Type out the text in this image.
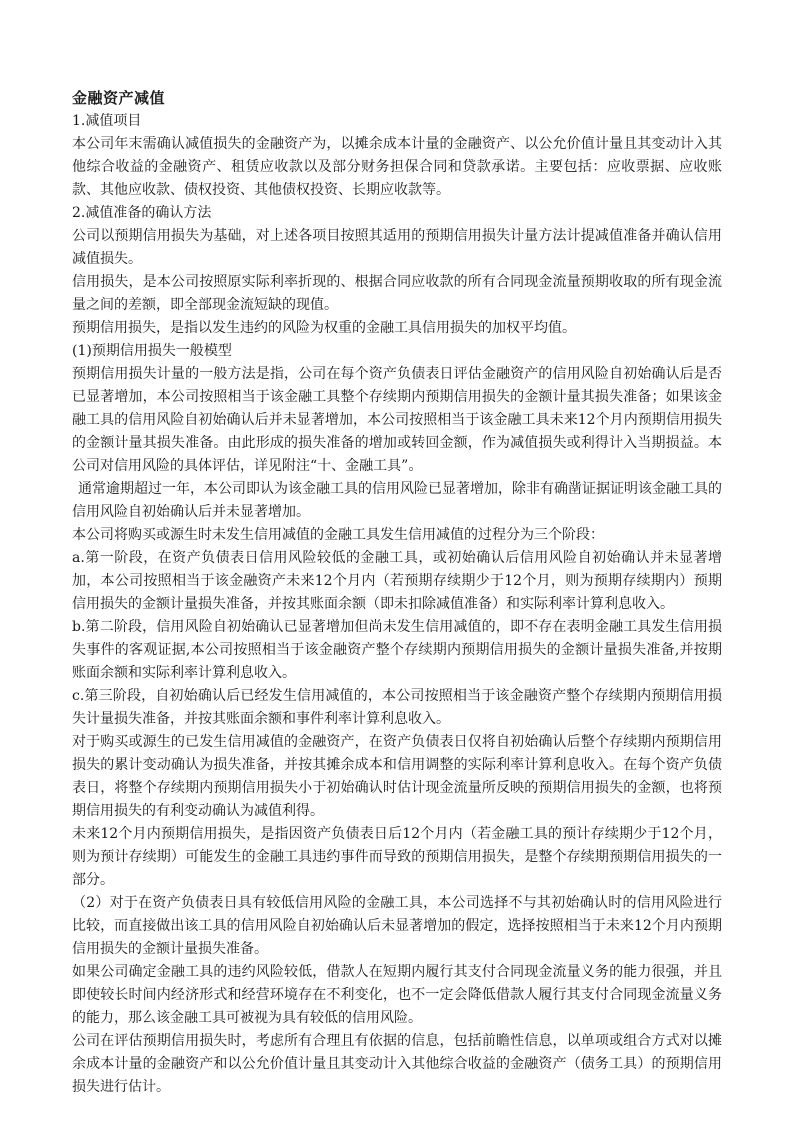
金融资产减值

1.减值项目

本公司年末需确认减值损失的金融资产为，以摊余成本计量的金融资产、以公允价值计量且其变动计入其他综合收益的金融资产、租赁应收款以及部分财务担保合同和贷款承诺。主要包括：应收票据、应收账款、其他应收款、债权投资、其他债权投资、长期应收款等。

2.减值准备的确认方法

公司以预期信用损失为基础，对上述各项目按照其适用的预期信用损失计量方法计提减值准备并确认信用减值损失。

信用损失，是本公司按照原实际利率折现的、根据合同应收款的所有合同现金流量预期收取的所有现金流量之间的差额，即全部现金流短缺的现值。

预期信用损失，是指以发生违约的风险为权重的金融工具信用损失的加权平均值。

(1)预期信用损失一般模型

预期信用损失计量的一般方法是指，公司在每个资产负债表日评估金融资产的信用风险自初始确认后是否已显著增加，本公司按照相当于该金融工具整个存续期内预期信用损失的金额计量其损失准备；如果该金融工具的信用风险自初始确认后并未显著增加，本公司按照相当于该金融工具未来12个月内预期信用损失的金额计量其损失准备。由此形成的损失准备的增加或转回金额，作为减值损失或利得计入当期损益。本公司对信用风险的具体评估，详见附注“十、金融工具”。

通常逾期超过一年，本公司即认为该金融工具的信用风险已显著增加，除非有确凿证据证明该金融工具的信用风险自初始确认后并未显著增加。

本公司将购买或源生时未发生信用减值的金融工具发生信用减值的过程分为三个阶段：

a.第一阶段，在资产负债表日信用风险较低的金融工具，或初始确认后信用风险自初始确认并未显著增加，本公司按照相当于该金融资产未来12个月内（若预期存续期少于12个月，则为预期存续期内）预期信用损失的金额计量损失准备，并按其账面余额（即未扣除减值准备）和实际利率计算利息收入。

b.第二阶段，信用风险自初始确认已显著增加但尚未发生信用减值的，即不存在表明金融工具发生信用损失事件的客观证据,本公司按照相当于该金融资产整个存续期内预期信用损失的金额计量损失准备,并按期账面余额和实际利率计算利息收入。

c.第三阶段，自初始确认后已经发生信用减值的，本公司按照相当于该金融资产整个存续期内预期信用损失计量损失准备，并按其账面余额和事件利率计算利息收入。

对于购买或源生的已发生信用减值的金融资产，在资产负债表日仅将自初始确认后整个存续期内预期信用损失的累计变动确认为损失准备，并按其摊余成本和信用调整的实际利率计算利息收入。在每个资产负债表日，将整个存续期内预期信用损失小于初始确认时估计现金流量所反映的预期信用损失的金额，也将预期信用损失的有利变动确认为减值利得。

未来12个月内预期信用损失，是指因资产负债表日后12个月内（若金融工具的预计存续期少于12个月，则为预计存续期）可能发生的金融工具违约事件而导致的预期信用损失，是整个存续期预期信用损失的一部分。

（2）对于在资产负债表日具有较低信用风险的金融工具，本公司选择不与其初始确认时的信用风险进行比较，而直接做出该工具的信用风险自初始确认后未显著增加的假定，选择按照相当于未来12个月内预期信用损失的金额计量损失准备。

如果公司确定金融工具的违约风险较低，借款人在短期内履行其支付合同现金流量义务的能力很强，并且即使较长时间内经济形式和经营环境存在不利变化，也不一定会降低借款人履行其支付合同现金流量义务的能力，那么该金融工具可被视为具有较低的信用风险。

公司在评估预期信用损失时，考虑所有合理且有依据的信息，包括前瞻性信息，以单项或组合方式对以摊余成本计量的金融资产和以公允价值计量且其变动计入其他综合收益的金融资产（债务工具）的预期信用损失进行估计。
